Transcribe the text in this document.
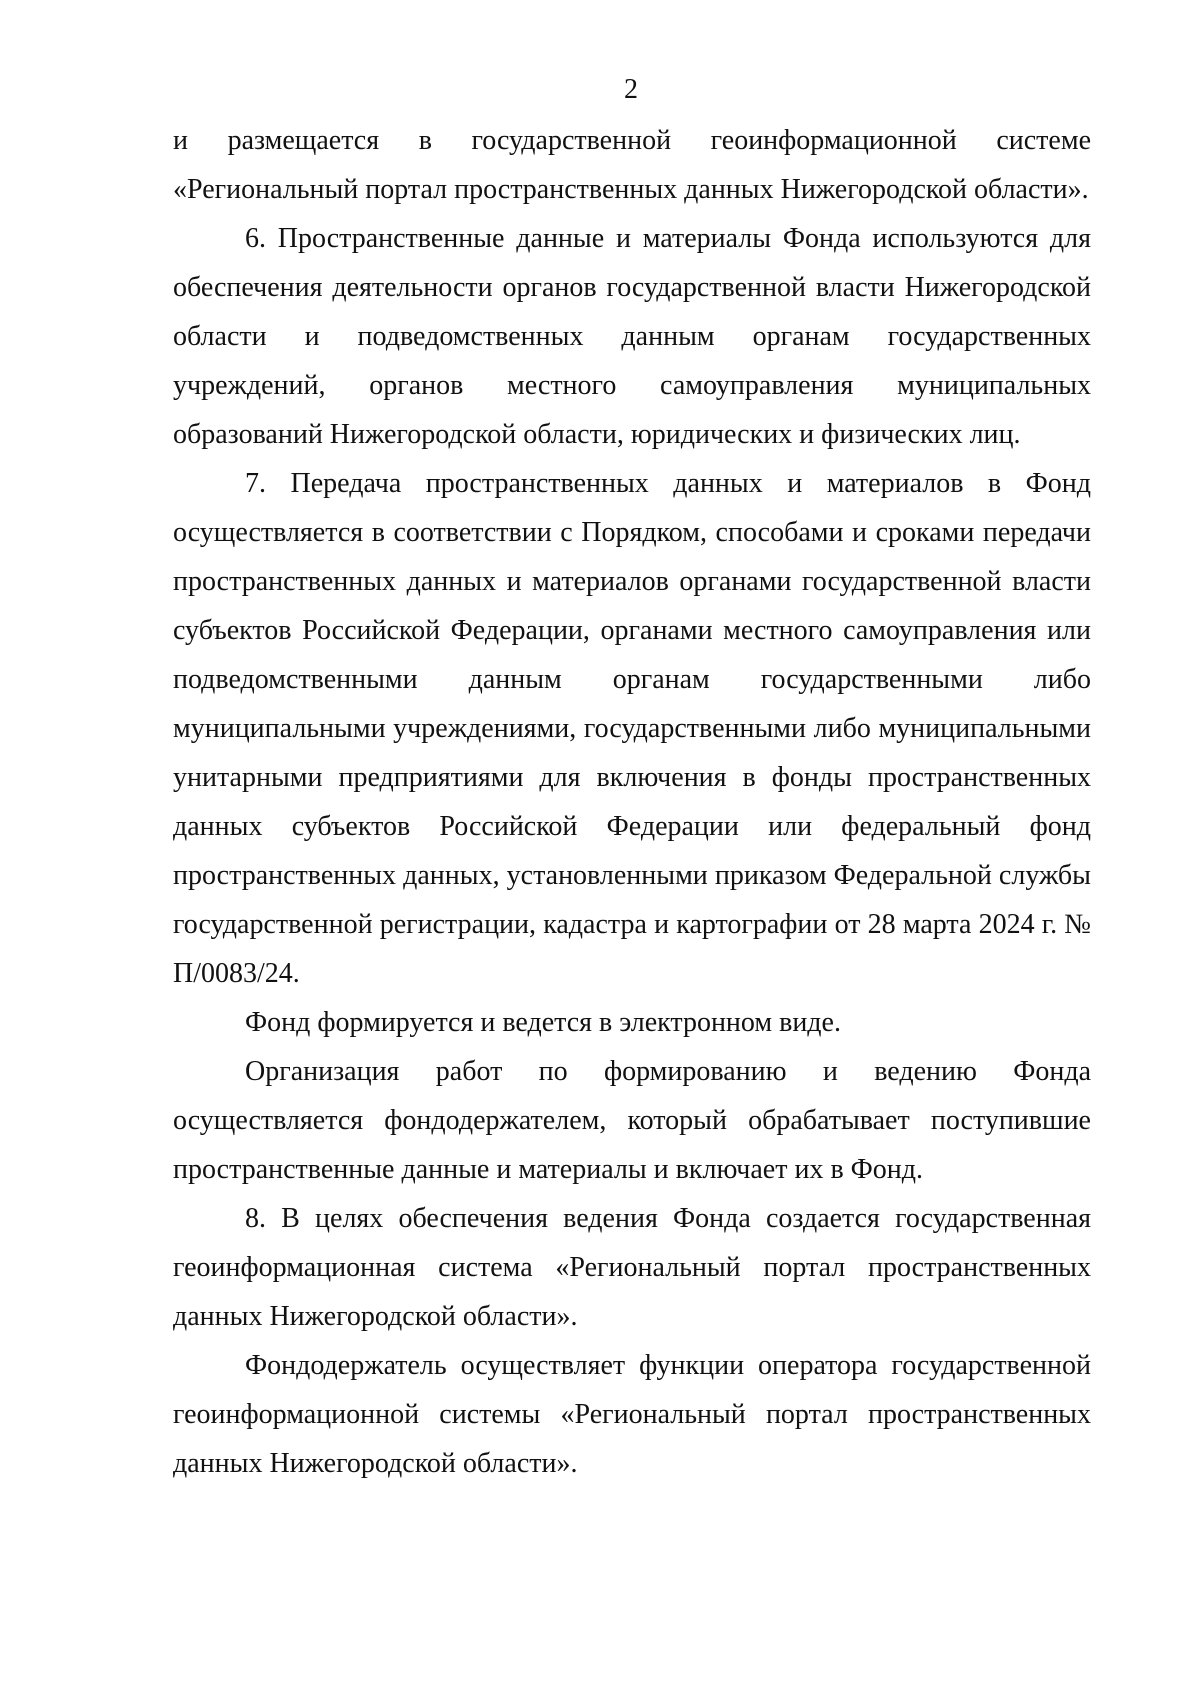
2

и размещается в государственной геоинформационной системе «Региональный портал пространственных данных Нижегородской области».

6. Пространственные данные и материалы Фонда используются для обеспечения деятельности органов государственной власти Нижегородской области и подведомственных данным органам государственных учреждений, органов местного самоуправления муниципальных образований Нижегородской области, юридических и физических лиц.

7. Передача пространственных данных и материалов в Фонд осуществляется в соответствии с Порядком, способами и сроками передачи пространственных данных и материалов органами государственной власти субъектов Российской Федерации, органами местного самоуправления или подведомственными данным органам государственными либо муниципальными учреждениями, государственными либо муниципальными унитарными предприятиями для включения в фонды пространственных данных субъектов Российской Федерации или федеральный фонд пространственных данных, установленными приказом Федеральной службы государственной регистрации, кадастра и картографии от 28 марта 2024 г. № П/0083/24.

Фонд формируется и ведется в электронном виде.

Организация работ по формированию и ведению Фонда осуществляется фондодержателем, который обрабатывает поступившие пространственные данные и материалы и включает их в Фонд.

8. В целях обеспечения ведения Фонда создается государственная геоинформационная система «Региональный портал пространственных данных Нижегородской области».

Фондодержатель осуществляет функции оператора государственной геоинформационной системы «Региональный портал пространственных данных Нижегородской области».
